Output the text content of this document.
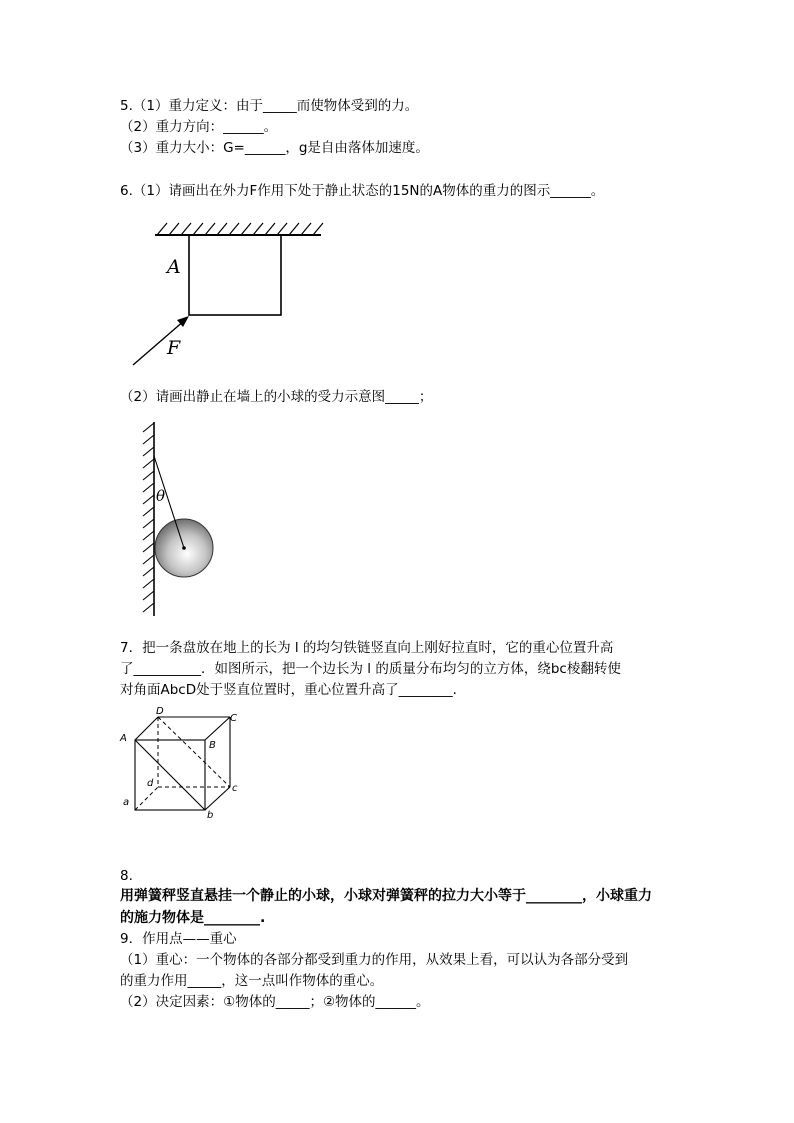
5.（1）重力定义：由于_____而使物体受到的力。
（2）重力方向：______。
（3）重力大小：G=______，g是自由落体加速度。
6.（1）请画出在外力F作用下处于静止状态的15N的A物体的重力的图示______。
A
F
（2）请画出静止在墙上的小球的受力示意图_____；
θ
7．把一条盘放在地上的长为 l 的均匀铁链竖直向上刚好拉直时，它的重心位置升高
了__________．如图所示，把一个边长为 l 的质量分布均匀的立方体，绕bc棱翻转使
对角面AbcD处于竖直位置时，重心位置升高了________．
D
C
A
B
d	c
a
b
8.
用弹簧秤竖直悬挂一个静止的小球，小球对弹簧秤的拉力大小等于________，小球重力
的施力物体是________.
9．作用点——重心
（1）重心：一个物体的各部分都受到重力的作用，从效果上看，可以认为各部分受到
的重力作用_____，这一点叫作物体的重心。
（2）决定因素：①物体的_____；②物体的______。
